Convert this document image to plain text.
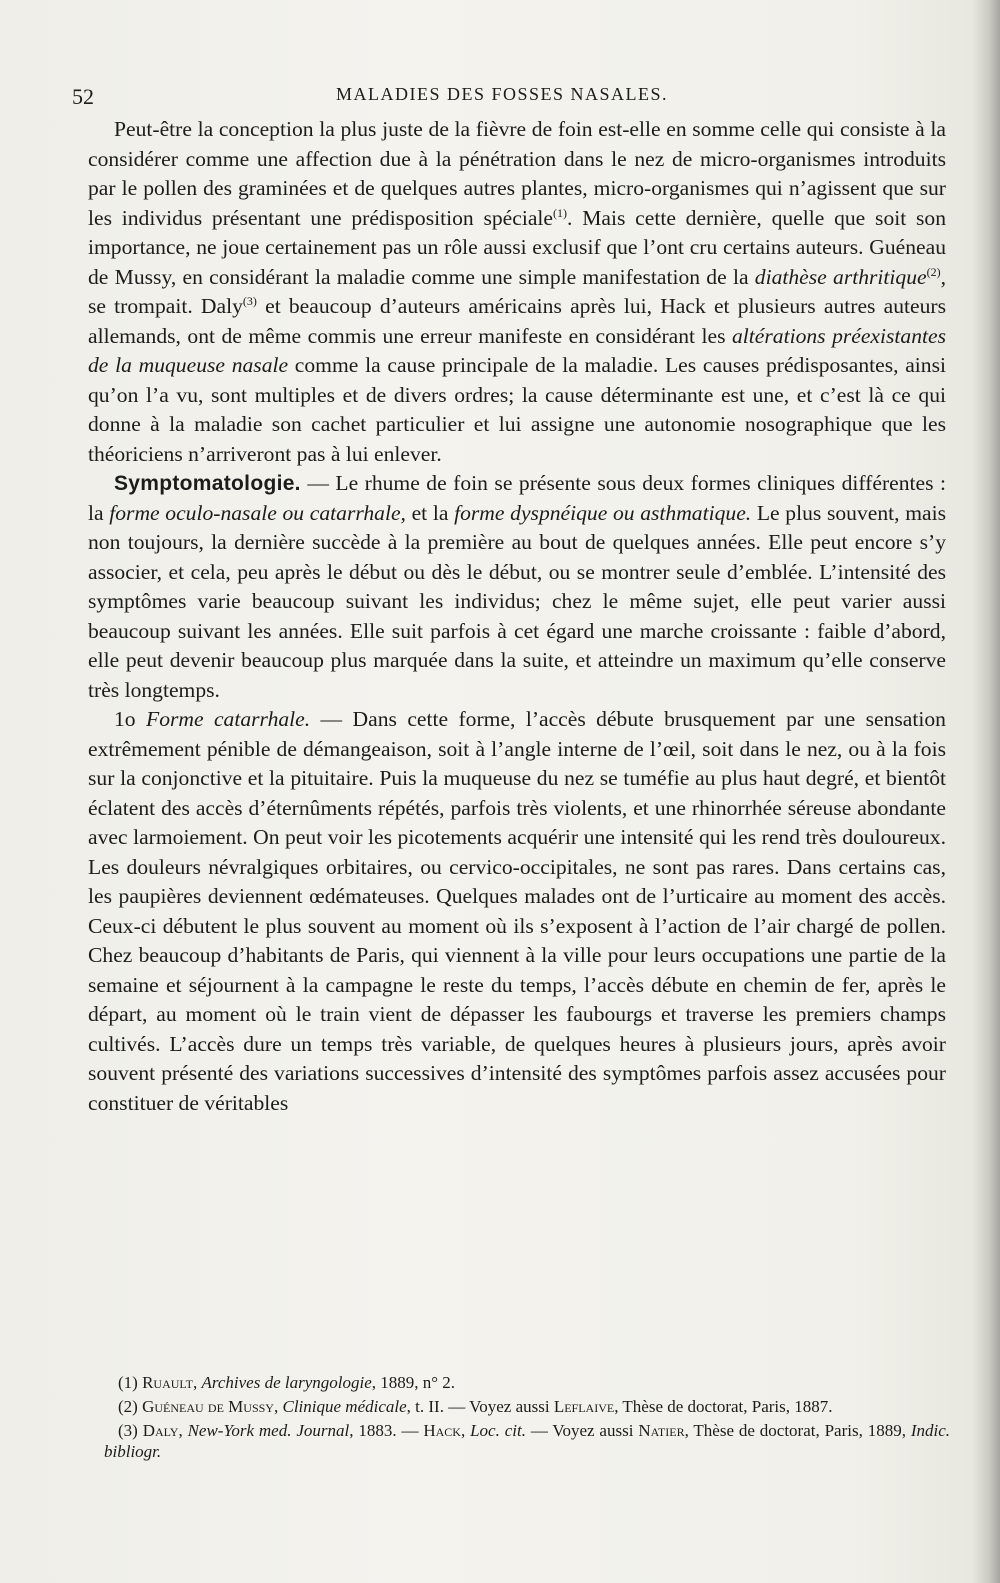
52	MALADIES DES FOSSES NASALES.

Peut-être la conception la plus juste de la fièvre de foin est-elle en somme celle qui consiste à la considérer comme une affection due à la pénétration dans le nez de micro-organismes introduits par le pollen des graminées et de quelques autres plantes, micro-organismes qui n’agissent que sur les individus présentant une prédisposition spéciale$^{(1)}$. Mais cette dernière, quelle que soit son importance, ne joue certainement pas un rôle aussi exclusif que l’ont cru certains auteurs. Guéneau de Mussy, en considérant la maladie comme une simple manifestation de la diathèse arthritique$^{(2)}$, se trompait. Daly$^{(3)}$ et beaucoup d’auteurs américains après lui, Hack et plusieurs autres auteurs allemands, ont de même commis une erreur manifeste en considérant les altérations préexistantes de la muqueuse nasale comme la cause principale de la maladie. Les causes prédisposantes, ainsi qu’on l’a vu, sont multiples et de divers ordres; la cause déterminante est une, et c’est là ce qui donne à la maladie son cachet particulier et lui assigne une autonomie nosographique que les théoriciens n’arriveront pas à lui enlever.

Symptomatologie. — Le rhume de foin se présente sous deux formes cliniques différentes : la forme oculo-nasale ou catarrhale, et la forme dyspnéique ou asthmatique. Le plus souvent, mais non toujours, la dernière succède à la première au bout de quelques années. Elle peut encore s’y associer, et cela, peu après le début ou dès le début, ou se montrer seule d’emblée. L’intensité des symptômes varie beaucoup suivant les individus; chez le même sujet, elle peut varier aussi beaucoup suivant les années. Elle suit parfois à cet égard une marche croissante : faible d’abord, elle peut devenir beaucoup plus marquée dans la suite, et atteindre un maximum qu’elle conserve très longtemps.

1o Forme catarrhale. — Dans cette forme, l’accès débute brusquement par une sensation extrêmement pénible de démangeaison, soit à l’angle interne de l’œil, soit dans le nez, ou à la fois sur la conjonctive et la pituitaire. Puis la muqueuse du nez se tuméfie au plus haut degré, et bientôt éclatent des accès d’éternûments répétés, parfois très violents, et une rhinorrhée séreuse abondante avec larmoiement. On peut voir les picotements acquérir une intensité qui les rend très douloureux. Les douleurs névralgiques orbitaires, ou cervico-occipitales, ne sont pas rares. Dans certains cas, les paupières deviennent œdémateuses. Quelques malades ont de l’urticaire au moment des accès. Ceux-ci débutent le plus souvent au moment où ils s’exposent à l’action de l’air chargé de pollen. Chez beaucoup d’habitants de Paris, qui viennent à la ville pour leurs occupations une partie de la semaine et séjournent à la campagne le reste du temps, l’accès débute en chemin de fer, après le départ, au moment où le train vient de dépasser les faubourgs et traverse les premiers champs cultivés. L’accès dure un temps très variable, de quelques heures à plusieurs jours, après avoir souvent présenté des variations successives d’intensité des symptômes parfois assez accusées pour constituer de véritables

(1) Ruault, Archives de laryngologie, 1889, n° 2.

(2) Guéneau de Mussy, Clinique médicale, t. II. — Voyez aussi Leflaive, Thèse de doctorat, Paris, 1887.

(3) Daly, New-York med. Journal, 1883. — Hack, Loc. cit. — Voyez aussi Natier, Thèse de doctorat, Paris, 1889, Indic. bibliogr.
